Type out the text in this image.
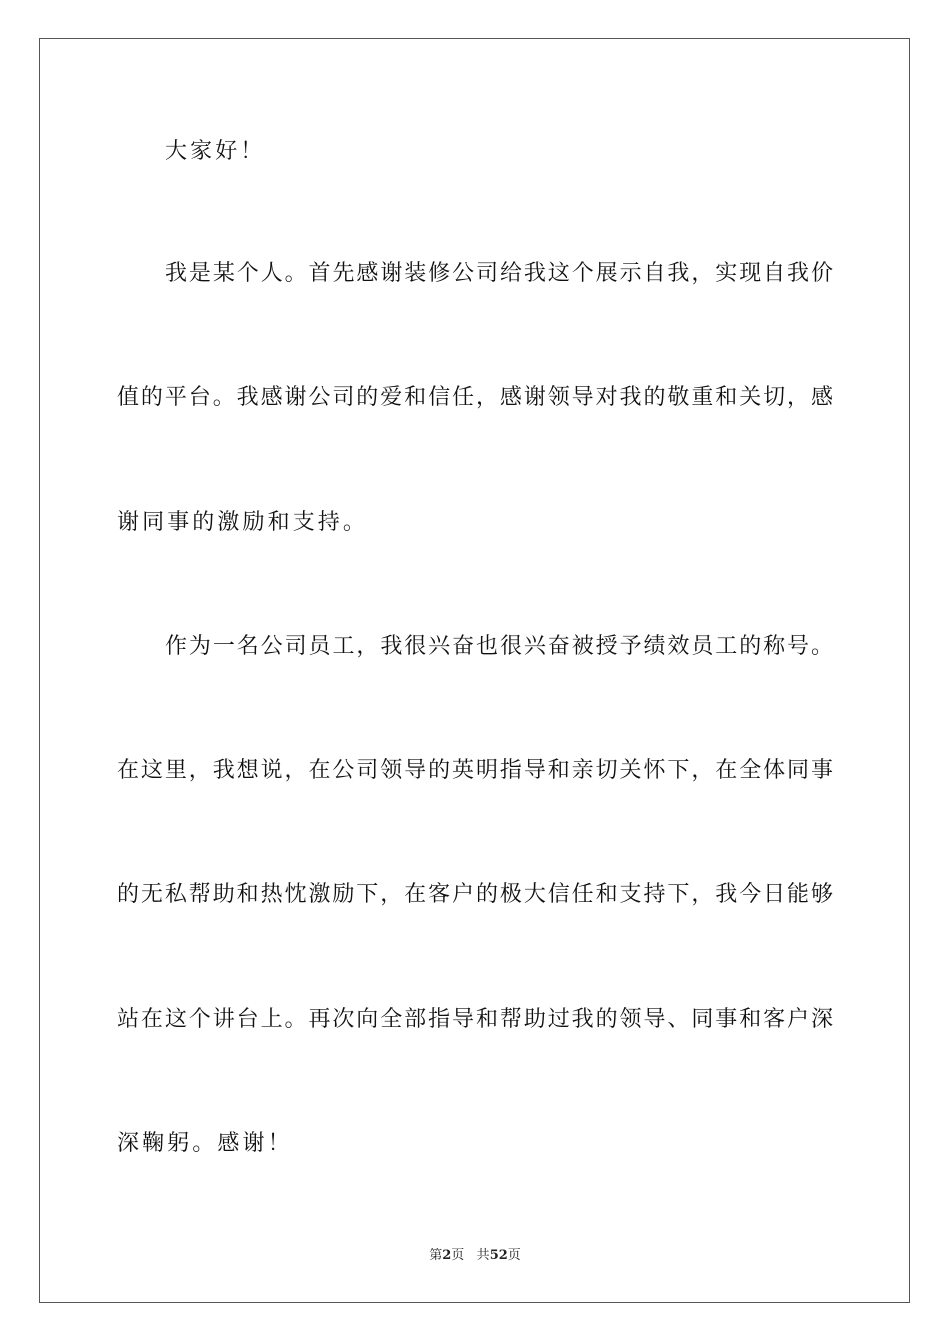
大家好！
我是某个人。首先感谢装修公司给我这个展示自我，实现自我价
值的平台。我感谢公司的爱和信任，感谢领导对我的敬重和关切，感
谢同事的激励和支持。
作为一名公司员工，我很兴奋也很兴奋被授予绩效员工的称号。
在这里，我想说，在公司领导的英明指导和亲切关怀下，在全体同事
的无私帮助和热忱激励下，在客户的极大信任和支持下，我今日能够
站在这个讲台上。再次向全部指导和帮助过我的领导、同事和客户深
深鞠躬。感谢！
第2页 共52页
